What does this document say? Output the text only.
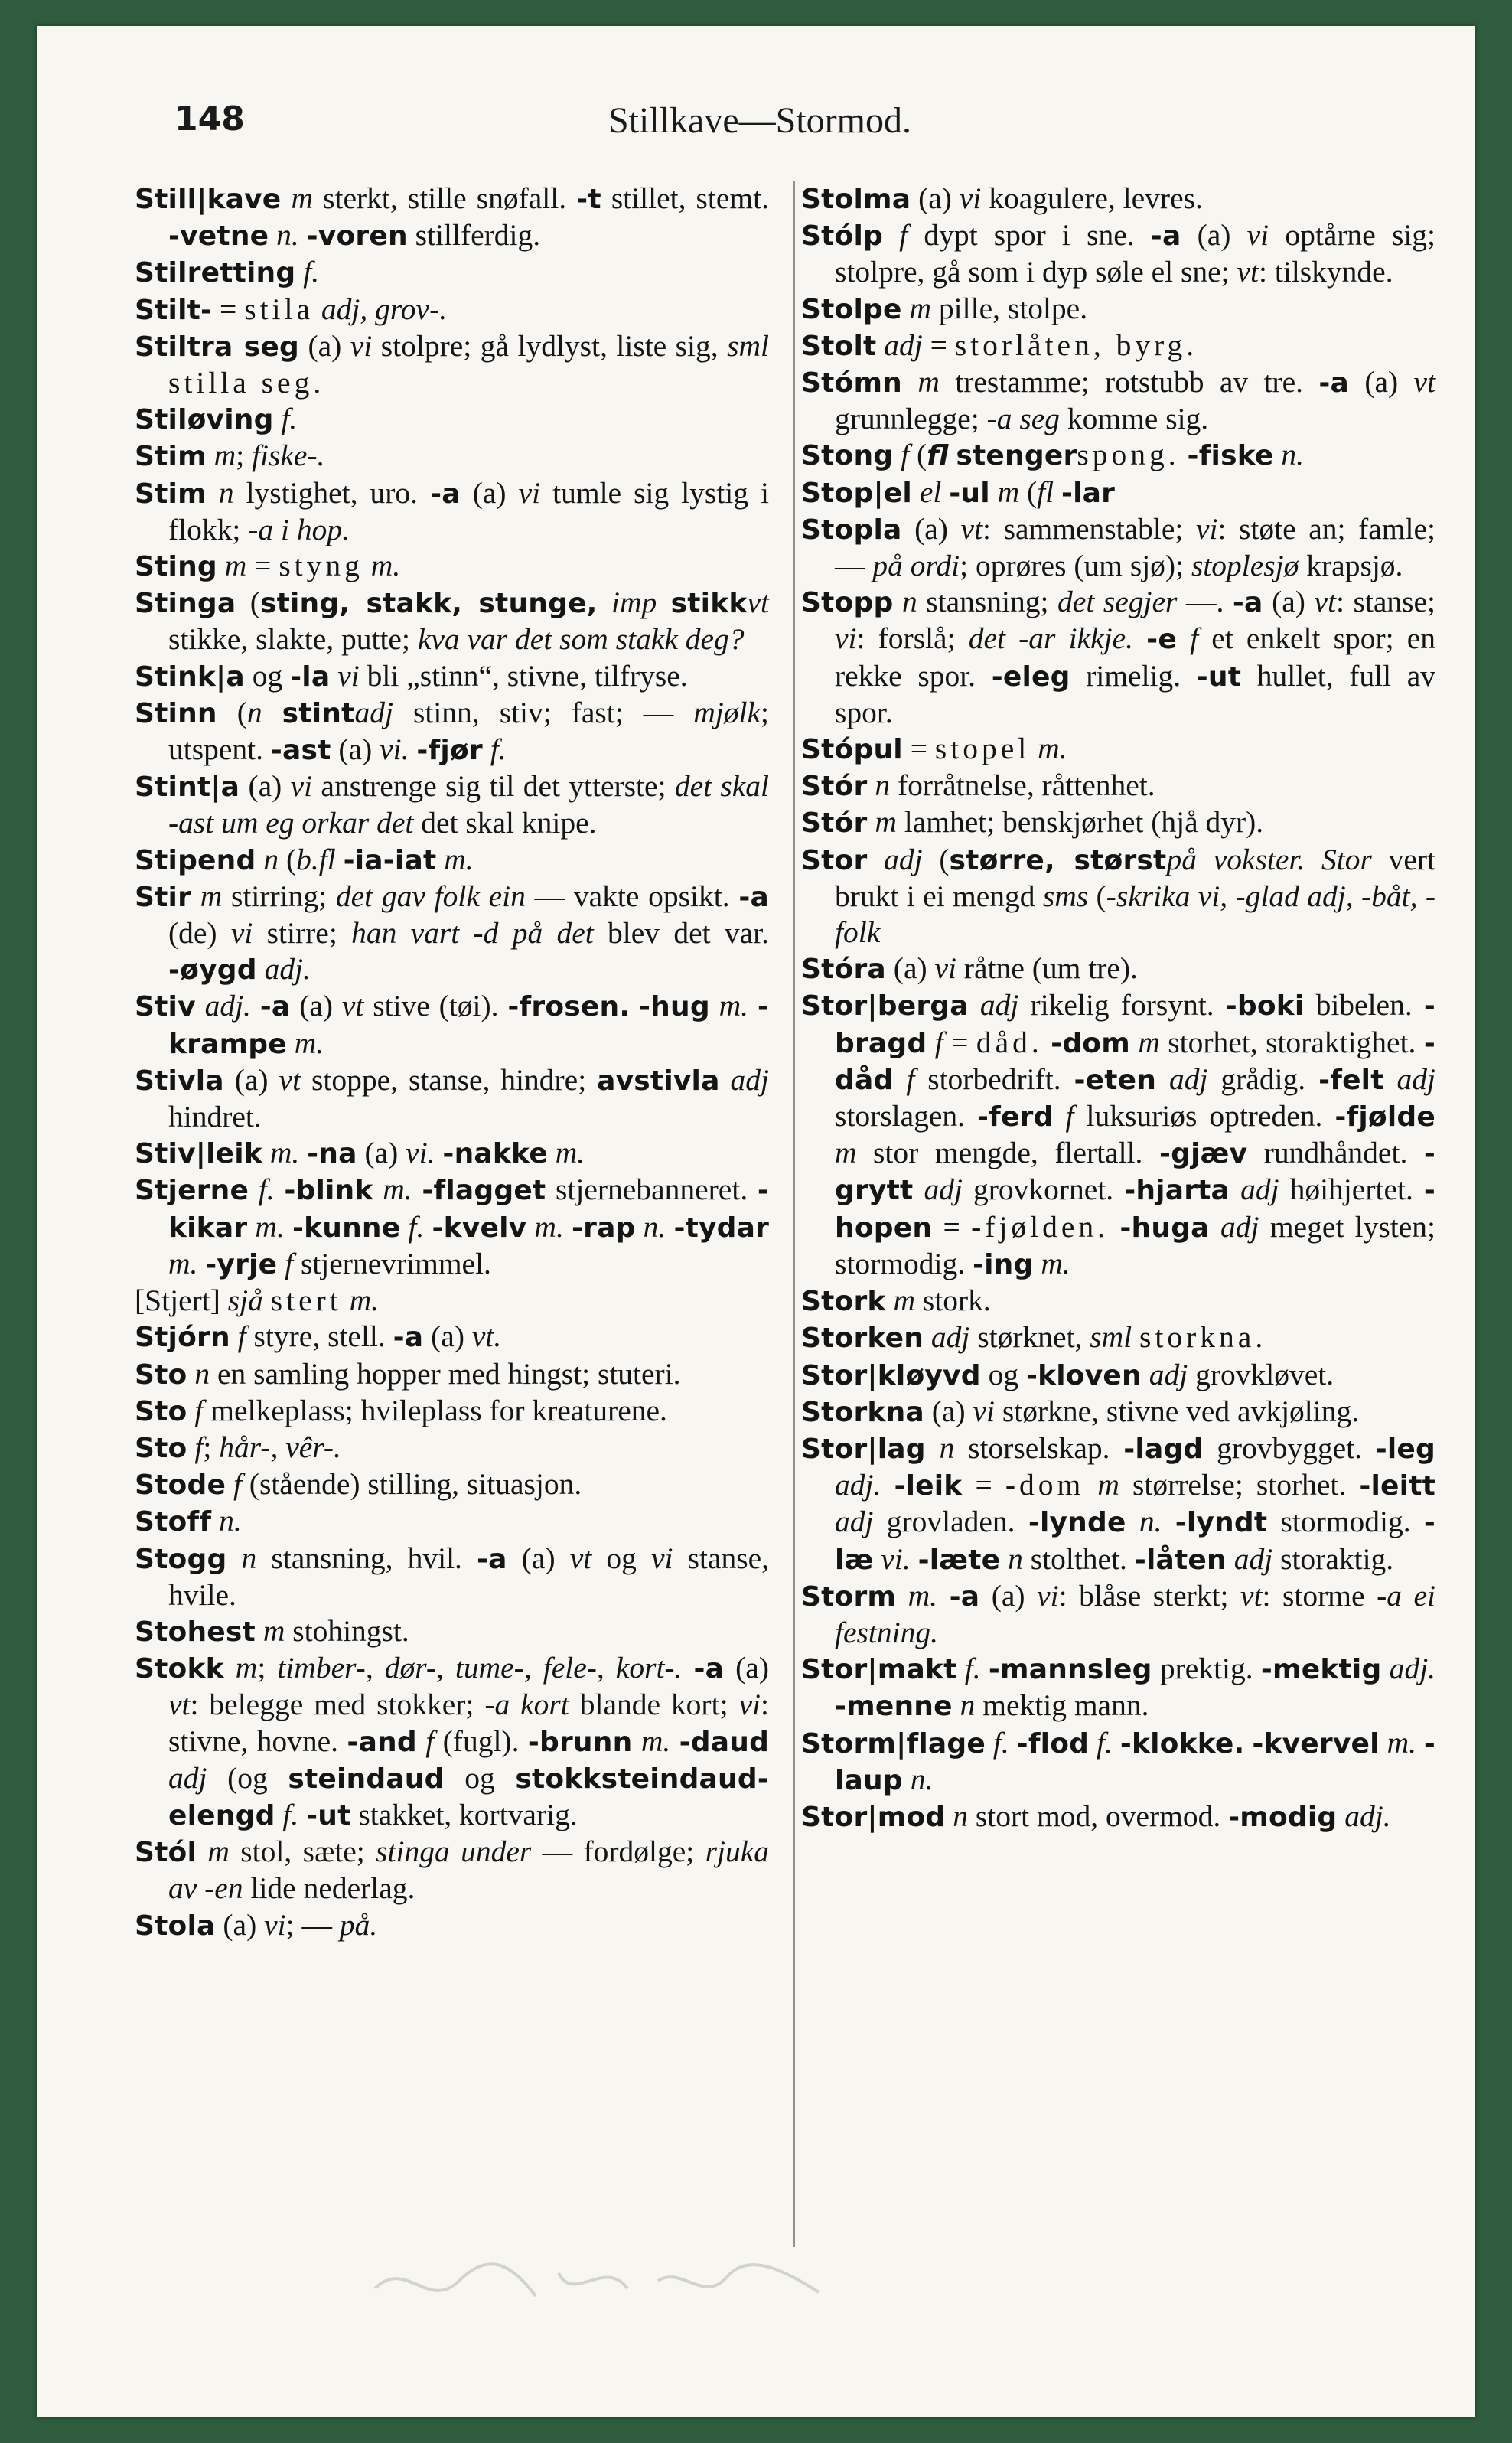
148	Stillkave—Stormod.

Still|kave m sterkt, stille snøfall. -t stillet, stemt. -vetne n. -voren stillferdig.

Stilretting f.

Stilt- = stila adj, grov-.

Stiltra seg (a) vi stolpre; gå lydlyst, liste sig, sml stilla seg.

Stiløving f.

Stim m; fiske-.

Stim n lystighet, uro. -a (a) vi tumle sig lystig i flokk; -a i hop.

Sting m = styng m.

Stinga (sting, stakk, stunge, imp stikkvt stikke, slakte, putte; kva var det som stakk deg?

Stink|a og -la vi bli „stinn“, stivne, tilfryse.

Stinn (n stintadj stinn, stiv; fast; — mjølk; utspent. -ast (a) vi. -fjør f.

Stint|a (a) vi anstrenge sig til det ytterste; det skal -ast um eg orkar det det skal knipe.

Stipend n (b.fl -ia-iat m.

Stir m stirring; det gav folk ein — vakte opsikt. -a (de) vi stirre; han vart -d på det blev det var. -øygd adj.

Stiv adj. -a (a) vt stive (tøi). -frosen. -hug m. -krampe m.

Stivla (a) vt stoppe, stanse, hindre; avstivla adj hindret.

Stiv|leik m. -na (a) vi. -nakke m.

Stjerne f. -blink m. -flagget stjernebanneret. -kikar m. -kunne f. -kvelv m. -rap n. -tydar m. -yrje f stjernevrimmel.

[Stjert] sjå stert m.

Stjórn f styre, stell. -a (a) vt.

Sto n en samling hopper med hingst; stuteri.

Sto f melkeplass; hvileplass for kreaturene.

Sto f; hår-, vêr-.

Stode f (stående) stilling, situasjon.

Stoff n.

Stogg n stansning, hvil. -a (a) vt og vi stanse, hvile.

Stohest m stohingst.

Stokk m; timber-, dør-, tume-, fele-, kort-. -a (a) vt: belegge med stokker; -a kort blande kort; vi: stivne, hovne. -and f (fugl). -brunn m. -daud adj (og steindaud og stokksteindaud-elengd f. -ut stakket, kortvarig.

Stól m stol, sæte; stinga under — fordølge; rjuka av -en lide nederlag.

Stola (a) vi; — på.

Stolma (a) vi koagulere, levres.

Stólp f dypt spor i sne. -a (a) vi optårne sig; stolpre, gå som i dyp søle el sne; vt: tilskynde.

Stolpe m pille, stolpe.

Stolt adj = storlåten, byrg.

Stómn m trestamme; rotstubb av tre. -a (a) vt grunnlegge; -a seg komme sig.

Stong f (fl stengerspong. -fiske n.

Stop|el el -ul m (fl -lar

Stopla (a) vt: sammenstable; vi: støte an; famle; — på ordi; oprøres (um sjø); stoplesjø krapsjø.

Stopp n stansning; det segjer —. -a (a) vt: stanse; vi: forslå; det -ar ikkje. -e f et enkelt spor; en rekke spor. -eleg rimelig. -ut hullet, full av spor.

Stópul = stopel m.

Stór n forråtnelse, råttenhet.

Stór m lamhet; benskjørhet (hjå dyr).

Stor adj (større, størstpå vokster. Stor vert brukt i ei mengd sms (-skrika vi, -glad adj, -båt, -folk

Stóra (a) vi råtne (um tre).

Stor|berga adj rikelig forsynt. -boki bibelen. -bragd f = dåd. -dom m storhet, storaktighet. -dåd f storbedrift. -eten adj grådig. -felt adj storslagen. -ferd f luksuriøs optreden. -fjølde m stor mengde, flertall. -gjæv rundhåndet. -grytt adj grovkornet. -hjarta adj høihjertet. -hopen = -fjølden. -huga adj meget lysten; stormodig. -ing m.

Stork m stork.

Storken adj størknet, sml storkna.

Stor|kløyvd og -kloven adj grovkløvet.

Storkna (a) vi størkne, stivne ved avkjøling.

Stor|lag n storselskap. -lagd grovbygget. -leg adj. -leik = -dom m størrelse; storhet. -leitt adj grovladen. -lynde n. -lyndt stormodig. -læ vi. -læte n stolthet. -låten adj storaktig.

Storm m. -a (a) vi: blåse sterkt; vt: storme -a ei festning.

Stor|makt f. -mannsleg prektig. -mektig adj. -menne n mektig mann.

Storm|flage f. -flod f. -klokke. -kvervel m. -laup n.

Stor|mod n stort mod, overmod. -modig adj.
